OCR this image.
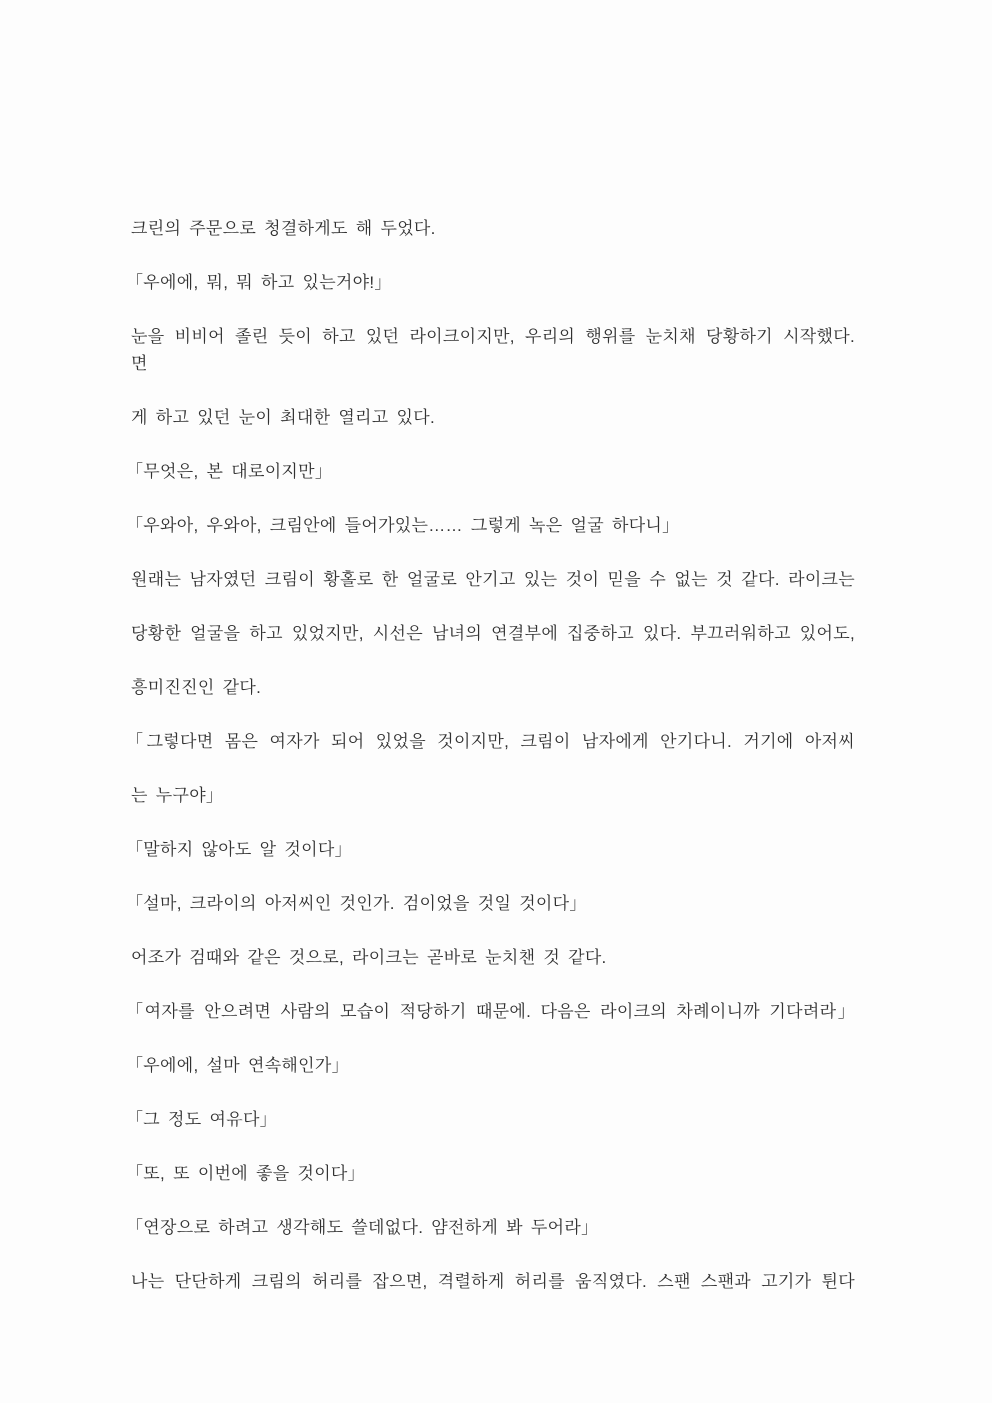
크린의 주문으로 청결하게도 해 두었다.

「우에에, 뭐, 뭐 하고 있는거야!」

눈을 비비어 졸린 듯이 하고 있던 라이크이지만, 우리의 행위를 눈치채 당황하기 시작했다.
면

게 하고 있던 눈이 최대한 열리고 있다.

「무엇은, 본 대로이지만」

「우와아, 우와아, 크림안에 들어가있는…… 그렇게 녹은 얼굴 하다니」

원래는 남자였던 크림이 황홀로 한 얼굴로 안기고 있는 것이 믿을 수 없는 것 같다. 라이크는

당황한 얼굴을 하고 있었지만, 시선은 남녀의 연결부에 집중하고 있다. 부끄러워하고 있어도,

흥미진진인 같다.

「그렇다면 몸은 여자가 되어 있었을 것이지만, 크림이 남자에게 안기다니. 거기에 아저씨

는 누구야」

「말하지 않아도 알 것이다」

「설마, 크라이의 아저씨인 것인가. 검이었을 것일 것이다」

어조가 검때와 같은 것으로, 라이크는 곧바로 눈치챈 것 같다.

「여자를 안으려면 사람의 모습이 적당하기 때문에. 다음은 라이크의 차례이니까 기다려라」

「우에에, 설마 연속해인가」

「그 정도 여유다」

「또, 또 이번에 좋을 것이다」

「연장으로 하려고 생각해도 쓸데없다. 얌전하게 봐 두어라」

나는 단단하게 크림의 허리를 잡으면, 격렬하게 허리를 움직였다. 스팬 스팬과 고기가 튄다
